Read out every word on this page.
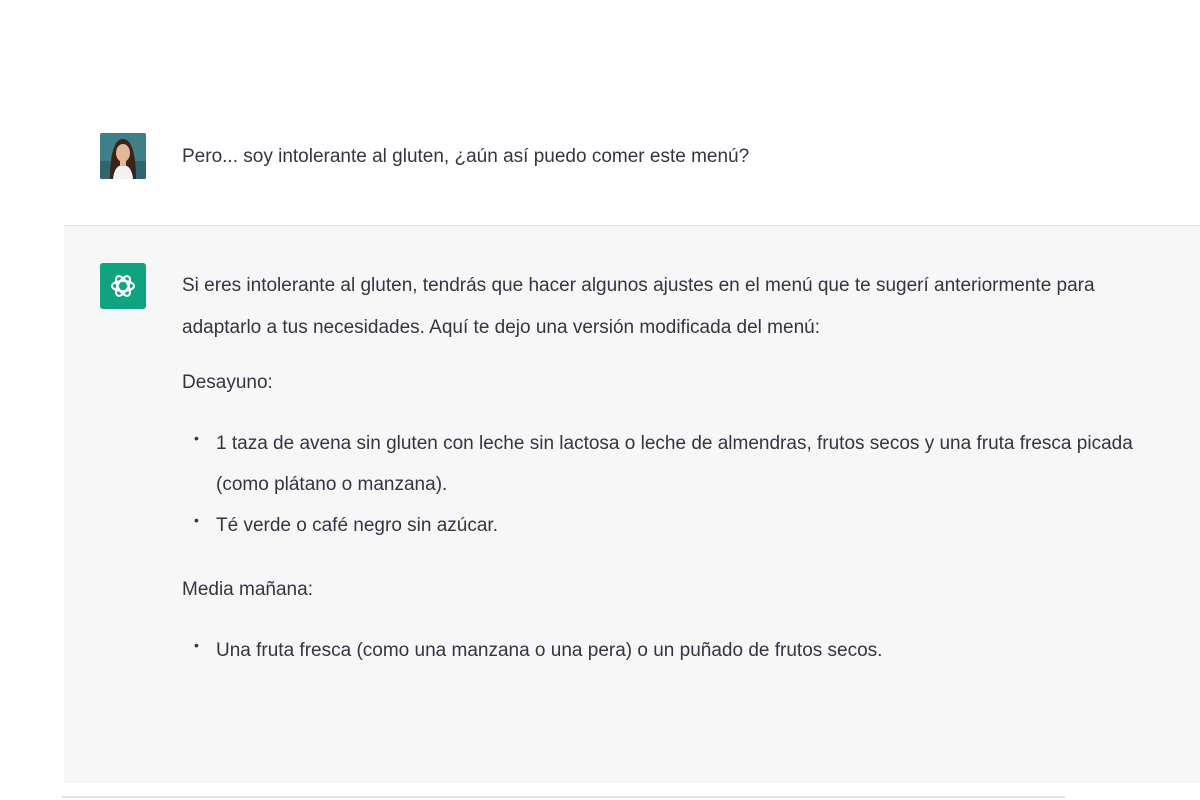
Pero... soy intolerante al gluten, ¿aún así puedo comer este menú?

Si eres intolerante al gluten, tendrás que hacer algunos ajustes en el menú que te sugerí anteriormente para adaptarlo a tus necesidades. Aquí te dejo una versión modificada del menú:

Desayuno:

• 1 taza de avena sin gluten con leche sin lactosa o leche de almendras, frutos secos y una fruta fresca picada (como plátano o manzana).
• Té verde o café negro sin azúcar.

Media mañana:

• Una fruta fresca (como una manzana o una pera) o un puñado de frutos secos.
